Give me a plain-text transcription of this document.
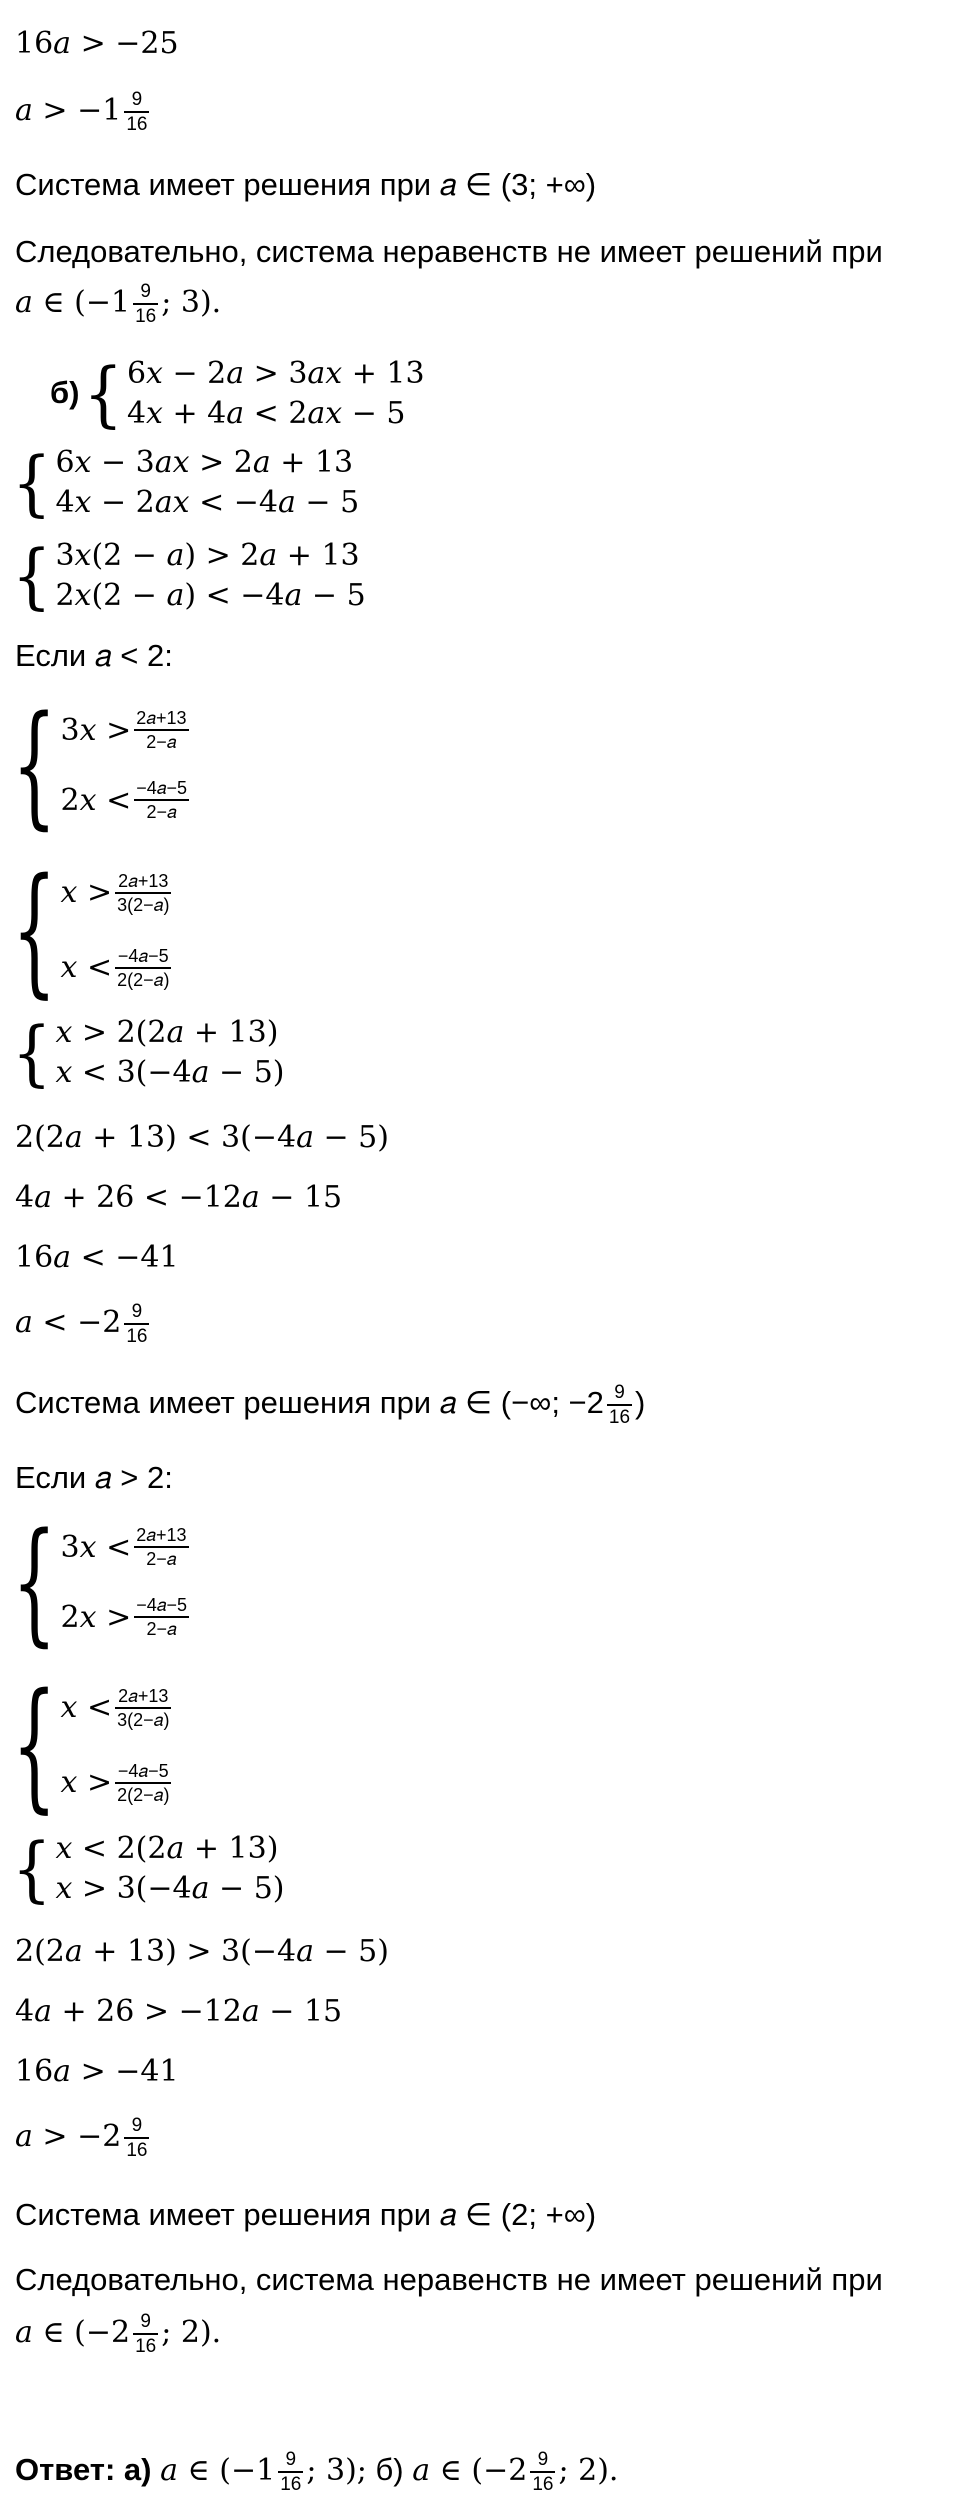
16𝑎 > −25
𝑎 > $-1 \frac{9}{16}$
Система имеет решения при 𝑎 ∈ (3; +∞)
Следовательно, система неравенств не имеет решений при
𝑎 ∈ ($-1 \frac{9}{16}$ ; 3).
б) { 6𝑥 − 2𝑎 > 3𝑎𝑥 + 13
4𝑥 + 4𝑎 < 2𝑎𝑥 − 5
{ 6𝑥 − 3𝑎𝑥 > 2𝑎 + 13
4𝑥 − 2𝑎𝑥 < −4𝑎 − 5
{ 3𝑥(2 − 𝑎) > 2𝑎 + 13
2𝑥(2 − 𝑎) < −4𝑎 − 5
Если 𝑎 < 2:
{ 3𝑥 > $\frac{\text{2𝑎+13}}{\text{2−𝑎}}$
2𝑥 < $\frac{\text{−4𝑎−5}}{\text{2−𝑎}}$
{ 𝑥 > $\frac{\text{2𝑎+13}}{\text{3(2−𝑎)}}$
𝑥 < $\frac{\text{−4𝑎−5}}{\text{2(2−𝑎)}}$
{ 𝑥 > 2(2𝑎 + 13)
𝑥 < 3(−4𝑎 − 5)
2(2𝑎 + 13) < 3(−4𝑎 − 5)
4𝑎 + 26 < −12𝑎 − 15
16𝑎 < −41
𝑎 < $-2 \frac{9}{16}$
Система имеет решения при 𝑎 ∈ (−∞; $-2 \frac{9}{16}$ )
Если 𝑎 > 2:
{ 3𝑥 < $\frac{\text{2𝑎+13}}{\text{2−𝑎}}$
2𝑥 > $\frac{\text{−4𝑎−5}}{\text{2−𝑎}}$
{ 𝑥 < $\frac{\text{2𝑎+13}}{\text{3(2−𝑎)}}$
𝑥 > $\frac{\text{−4𝑎−5}}{\text{2(2−𝑎)}}$
{ 𝑥 < 2(2𝑎 + 13)
𝑥 > 3(−4𝑎 − 5)
2(2𝑎 + 13) > 3(−4𝑎 − 5)
4𝑎 + 26 > −12𝑎 − 15
16𝑎 > −41
𝑎 > $-2 \frac{9}{16}$
Система имеет решения при 𝑎 ∈ (2; +∞)
Следовательно, система неравенств не имеет решений при
𝑎 ∈ ($-2 \frac{9}{16}$ ; 2).
Ответ: а) 𝑎 ∈ ($-1 \frac{9}{16}$ ; 3); б) 𝑎 ∈ ($-2 \frac{9}{16}$ ; 2).
